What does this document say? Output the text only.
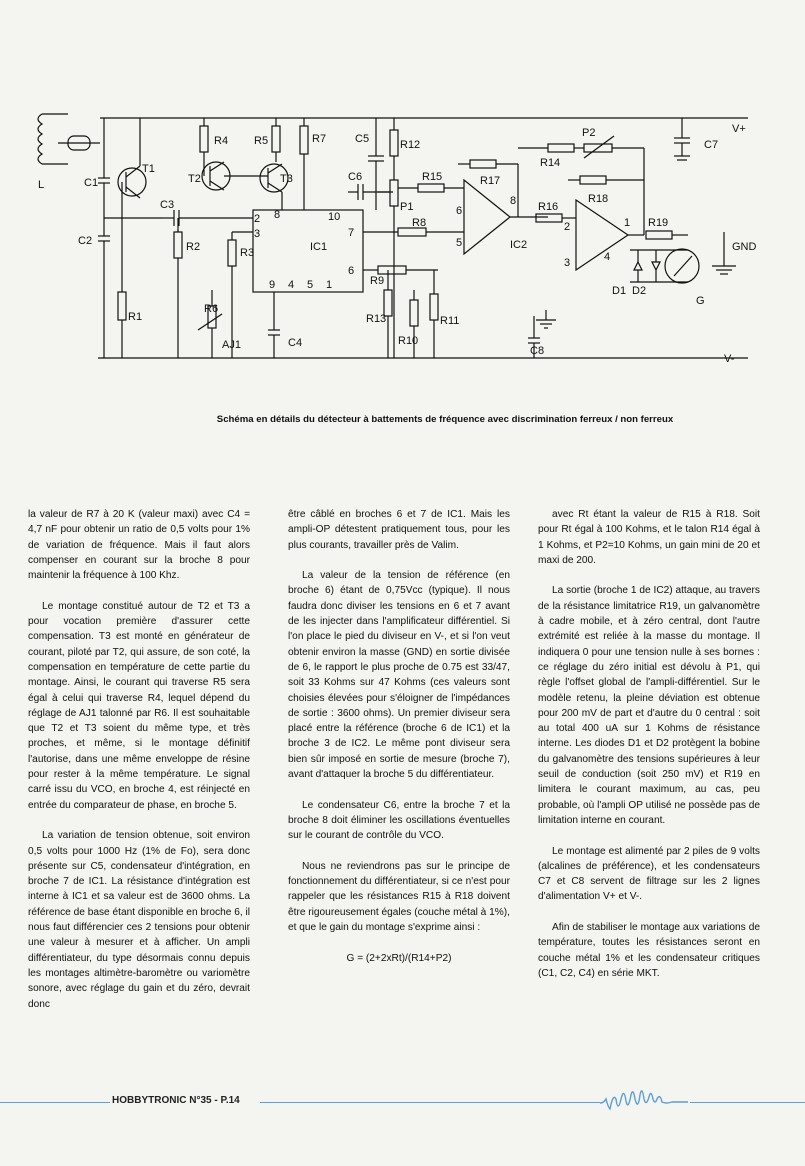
L	C1
C2
T1
C3
R2
R1
R4
T2
R5
T3
R7
R3
R6
AJ1	C4
2
3
8	10
7
6
IC1
9 4 5 1
C5
C6
R12
P1
R15
R8
R9
R13
R10
R11
C8
R17
6
5
8
IC2
R16
R14
P2
R18
2
3
1
4
R19
D1 D2
G
C7
V+
GND
V-
Schéma en détails du détecteur à battements de fréquence avec discrimination ferreux / non ferreux

la valeur de R7 à 20 K (valeur maxi) avec C4 = 4,7 nF pour obtenir un ratio de 0,5 volts pour 1% de variation de fréquence. Mais il faut alors compenser en courant sur la broche 8 pour maintenir la fréquence à 100 Khz.

Le montage constitué autour de T2 et T3 a pour vocation première d'assurer cette compensation. T3 est monté en générateur de courant, piloté par T2, qui assure, de son coté, la compensation en température de cette partie du montage. Ainsi, le courant qui traverse R5 sera égal à celui qui traverse R4, lequel dépend du réglage de AJ1 talonné par R6. Il est souhaitable que T2 et T3 soient du même type, et très proches, et même, si le montage définitif l'autorise, dans une même enveloppe de résine pour rester à la même température. Le signal carré issu du VCO, en broche 4, est réinjecté en entrée du comparateur de phase, en broche 5.

La variation de tension obtenue, soit environ 0,5 volts pour 1000 Hz (1% de Fo), sera donc présente sur C5, condensateur d'intégration, en broche 7 de IC1. La résistance d'intégration est interne à IC1 et sa valeur est de 3600 ohms. La référence de base étant disponible en broche 6, il nous faut différencier ces 2 tensions pour obtenir une valeur à mesurer et à afficher. Un ampli différentiateur, du type désormais connu depuis les montages altimètre-baromètre ou variomètre sonore, avec réglage du gain et du zéro, devrait donc

être câblé en broches 6 et 7 de IC1. Mais les ampli-OP détestent pratiquement tous, pour les plus courants, travailler près de Valim.

La valeur de la tension de référence (en broche 6) étant de 0,75Vcc (typique). Il nous faudra donc diviser les tensions en 6 et 7 avant de les injecter dans l'amplificateur différentiel. Si l'on place le pied du diviseur en V-, et si l'on veut obtenir environ la masse (GND) en sortie divisée de 6, le rapport le plus proche de 0.75 est 33/47, soit 33 Kohms sur 47 Kohms (ces valeurs sont choisies élevées pour s'éloigner de l'impédances de sortie : 3600 ohms). Un premier diviseur sera placé entre la référence (broche 6 de IC1) et la broche 3 de IC2. Le même pont diviseur sera bien sûr imposé en sortie de mesure (broche 7), avant d'attaquer la broche 5 du différentiateur.

Le condensateur C6, entre la broche 7 et la broche 8 doit éliminer les oscillations éventuelles sur le courant de contrôle du VCO.

Nous ne reviendrons pas sur le principe de fonctionnement du différentiateur, si ce n'est pour rappeler que les résistances R15 à R18 doivent être rigoureusement égales (couche métal à 1%), et que le gain du montage s'exprime ainsi :

G = (2+2xRt)/(R14+P2)

avec Rt étant la valeur de R15 à R18. Soit pour Rt égal à 100 Kohms, et le talon R14 égal à 1 Kohms, et P2=10 Kohms, un gain mini de 20 et maxi de 200.

La sortie (broche 1 de IC2) attaque, au travers de la résistance limitatrice R19, un galvanomètre à cadre mobile, et à zéro central, dont l'autre extrémité est reliée à la masse du montage. Il indiquera 0 pour une tension nulle à ses bornes : ce réglage du zéro initial est dévolu à P1, qui règle l'offset global de l'ampli-différentiel. Sur le modèle retenu, la pleine déviation est obtenue pour 200 mV de part et d'autre du 0 central : soit au total 400 uA sur 1 Kohms de résistance interne. Les diodes D1 et D2 protègent la bobine du galvanomètre des tensions supérieures à leur seuil de conduction (soit 250 mV) et R19 en limitera le courant maximum, au cas, peu probable, où l'ampli OP utilisé ne possède pas de limitation interne en courant.

Le montage est alimenté par 2 piles de 9 volts (alcalines de préférence), et les condensateurs C7 et C8 servent de filtrage sur les 2 lignes d'alimentation V+ et V-.

Afin de stabiliser le montage aux variations de température, toutes les résistances seront en couche métal 1% et les condensateur critiques (C1, C2, C4) en série MKT.

HOBBYTRONIC N°35 - P.14
